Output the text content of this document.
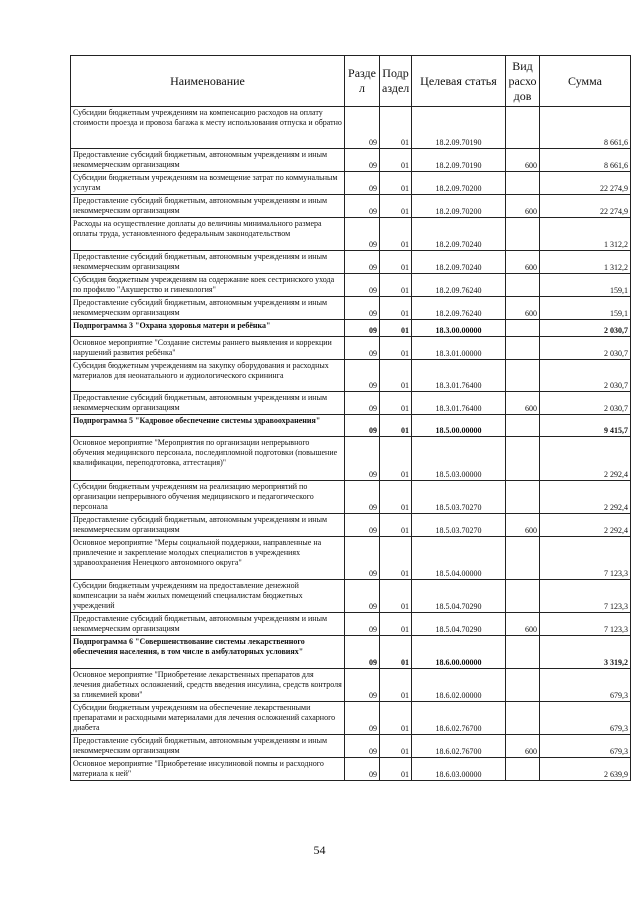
Наименование	Разде л	Подр аздел	Целевая статья	Вид расхо дов	Сумма
Субсидии бюджетным учреждениям на компенсацию расходов на оплату стоимости проезда и провоза багажа к месту использования отпуска и обратно	09	01	18.2.09.70190		8 661,6
Предоставление субсидий бюджетным, автономным учреждениям и иным некоммерческим организациям	09	01	18.2.09.70190	600	8 661,6
Субсидии бюджетным учреждениям на возмещение затрат по коммунальным услугам	09	01	18.2.09.70200		22 274,9
Предоставление субсидий бюджетным, автономным учреждениям и иным некоммерческим организациям	09	01	18.2.09.70200	600	22 274,9
Расходы на осуществление доплаты до величины минимального размера оплаты труда, установленного федеральным законодательством	09	01	18.2.09.70240		1 312,2
Предоставление субсидий бюджетным, автономным учреждениям и иным некоммерческим организациям	09	01	18.2.09.70240	600	1 312,2
Субсидия бюджетным учреждениям на содержание коек сестринского ухода по профилю "Акушерство и гинекология"	09	01	18.2.09.76240		159,1
Предоставление субсидий бюджетным, автономным учреждениям и иным некоммерческим организациям	09	01	18.2.09.76240	600	159,1
Подпрограмма 3 "Охрана здоровья матери и ребёнка"	09	01	18.3.00.00000		2 030,7
Основное мероприятие "Создание системы раннего выявления и коррекции нарушений развития ребёнка"	09	01	18.3.01.00000		2 030,7
Субсидия бюджетным учреждениям на закупку оборудования и расходных материалов для неонатального и аудиологического скрининга	09	01	18.3.01.76400		2 030,7
Предоставление субсидий бюджетным, автономным учреждениям и иным некоммерческим организациям	09	01	18.3.01.76400	600	2 030,7
Подпрограмма 5 "Кадровое обеспечение системы здравоохранения"	09	01	18.5.00.00000		9 415,7
Основное мероприятие "Мероприятия по организации непрерывного обучения медицинского персонала, последипломной подготовки (повышение квалификации, переподготовка, аттестация)"	09	01	18.5.03.00000		2 292,4
Субсидии бюджетным учреждениям на реализацию мероприятий по организации непрерывного обучения медицинского и педагогического персонала	09	01	18.5.03.70270		2 292,4
Предоставление субсидий бюджетным, автономным учреждениям и иным некоммерческим организациям	09	01	18.5.03.70270	600	2 292,4
Основное мероприятие "Меры социальной поддержки, направленные на привлечение и закрепление молодых специалистов в учреждениях здравоохранения Ненецкого автономного округа"	09	01	18.5.04.00000		7 123,3
Субсидии бюджетным учреждениям на предоставление денежной компенсации за наём жилых помещений специалистам бюджетных учреждений	09	01	18.5.04.70290		7 123,3
Предоставление субсидий бюджетным, автономным учреждениям и иным некоммерческим организациям	09	01	18.5.04.70290	600	7 123,3
Подпрограмма 6 "Совершенствование системы лекарственного обеспечения населения, в том числе в амбулаторных условиях"	09	01	18.6.00.00000		3 319,2
Основное мероприятие "Приобретение лекарственных препаратов для лечения диабетных осложнений, средств введения инсулина, средств контроля за гликемией крови"	09	01	18.6.02.00000		679,3
Субсидии бюджетным учреждениям на обеспечение лекарственными препаратами и расходными материалами для лечения осложнений сахарного диабета	09	01	18.6.02.76700		679,3
Предоставление субсидий бюджетным, автономным учреждениям и иным некоммерческим организациям	09	01	18.6.02.76700	600	679,3
Основное мероприятие "Приобретение инсулиновой помпы и расходного материала к ней"	09	01	18.6.03.00000		2 639,9
54
